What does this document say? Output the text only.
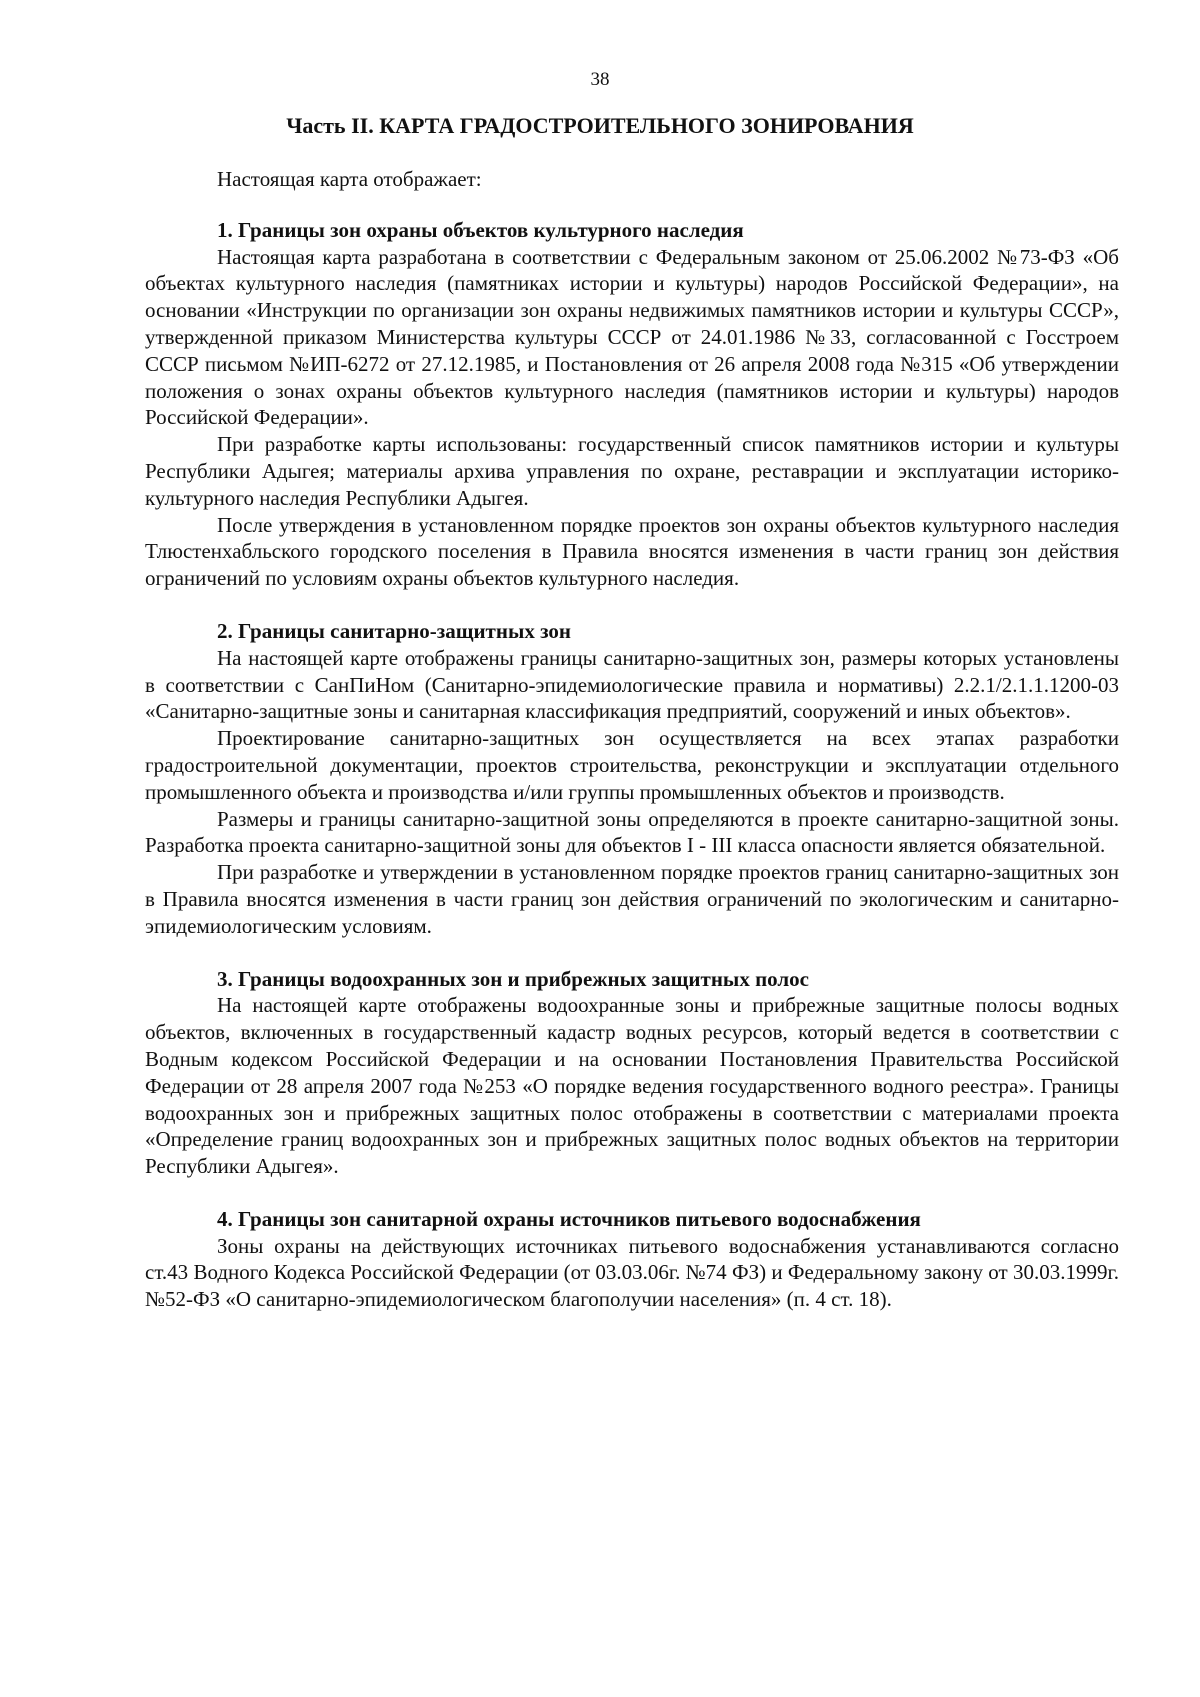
38
Часть II. КАРТА ГРАДОСТРОИТЕЛЬНОГО ЗОНИРОВАНИЯ

Настоящая карта отображает:

1. Границы зон охраны объектов культурного наследия

Настоящая карта разработана в соответствии с Федеральным законом от 25.06.2002 №73-ФЗ «Об объектах культурного наследия (памятниках истории и культуры) народов Российской Федерации», на основании «Инструкции по организации зон охраны недвижимых памятников истории и культуры СССР», утвержденной приказом Министерства культуры СССР от 24.01.1986 №33, согласованной с Госстроем СССР письмом №ИП-6272 от 27.12.1985, и Постановления от 26 апреля 2008 года №315 «Об утверждении положения о зонах охраны объектов культурного наследия (памятников истории и культуры) народов Российской Федерации».

При разработке карты использованы: государственный список памятников истории и культуры Республики Адыгея; материалы архива управления по охране, реставрации и эксплуатации историко-культурного наследия Республики Адыгея.

После утверждения в установленном порядке проектов зон охраны объектов культурного наследия Тлюстенхабльского городского поселения в Правила вносятся изменения в части границ зон действия ограничений по условиям охраны объектов культурного наследия.

2. Границы санитарно-защитных зон

На настоящей карте отображены границы санитарно-защитных зон, размеры которых установлены в соответствии с СанПиНом (Санитарно-эпидемиологические правила и нормативы) 2.2.1/2.1.1.1200-03 «Санитарно-защитные зоны и санитарная классификация предприятий, сооружений и иных объектов».

Проектирование санитарно-защитных зон осуществляется на всех этапах разработки градостроительной документации, проектов строительства, реконструкции и эксплуатации отдельного промышленного объекта и производства и/или группы промышленных объектов и производств.

Размеры и границы санитарно-защитной зоны определяются в проекте санитарно-защитной зоны. Разработка проекта санитарно-защитной зоны для объектов I - III класса опасности является обязательной.

При разработке и утверждении в установленном порядке проектов границ санитарно-защитных зон в Правила вносятся изменения в части границ зон действия ограничений по экологическим и санитарно-эпидемиологическим условиям.

3. Границы водоохранных зон и прибрежных защитных полос

На настоящей карте отображены водоохранные зоны и прибрежные защитные полосы водных объектов, включенных в государственный кадастр водных ресурсов, который ведется в соответствии с Водным кодексом Российской Федерации и на основании Постановления Правительства Российской Федерации от 28 апреля 2007 года №253 «О порядке ведения государственного водного реестра». Границы водоохранных зон и прибрежных защитных полос отображены в соответствии с материалами проекта «Определение границ водоохранных зон и прибрежных защитных полос водных объектов на территории Республики Адыгея».

4. Границы зон санитарной охраны источников питьевого водоснабжения

Зоны охраны на действующих источниках питьевого водоснабжения устанавливаются согласно ст.43 Водного Кодекса Российской Федерации (от 03.03.06г. №74 ФЗ) и Федеральному закону от 30.03.1999г. №52-ФЗ «О санитарно-эпидемиологическом благополучии населения» (п. 4 ст. 18).
